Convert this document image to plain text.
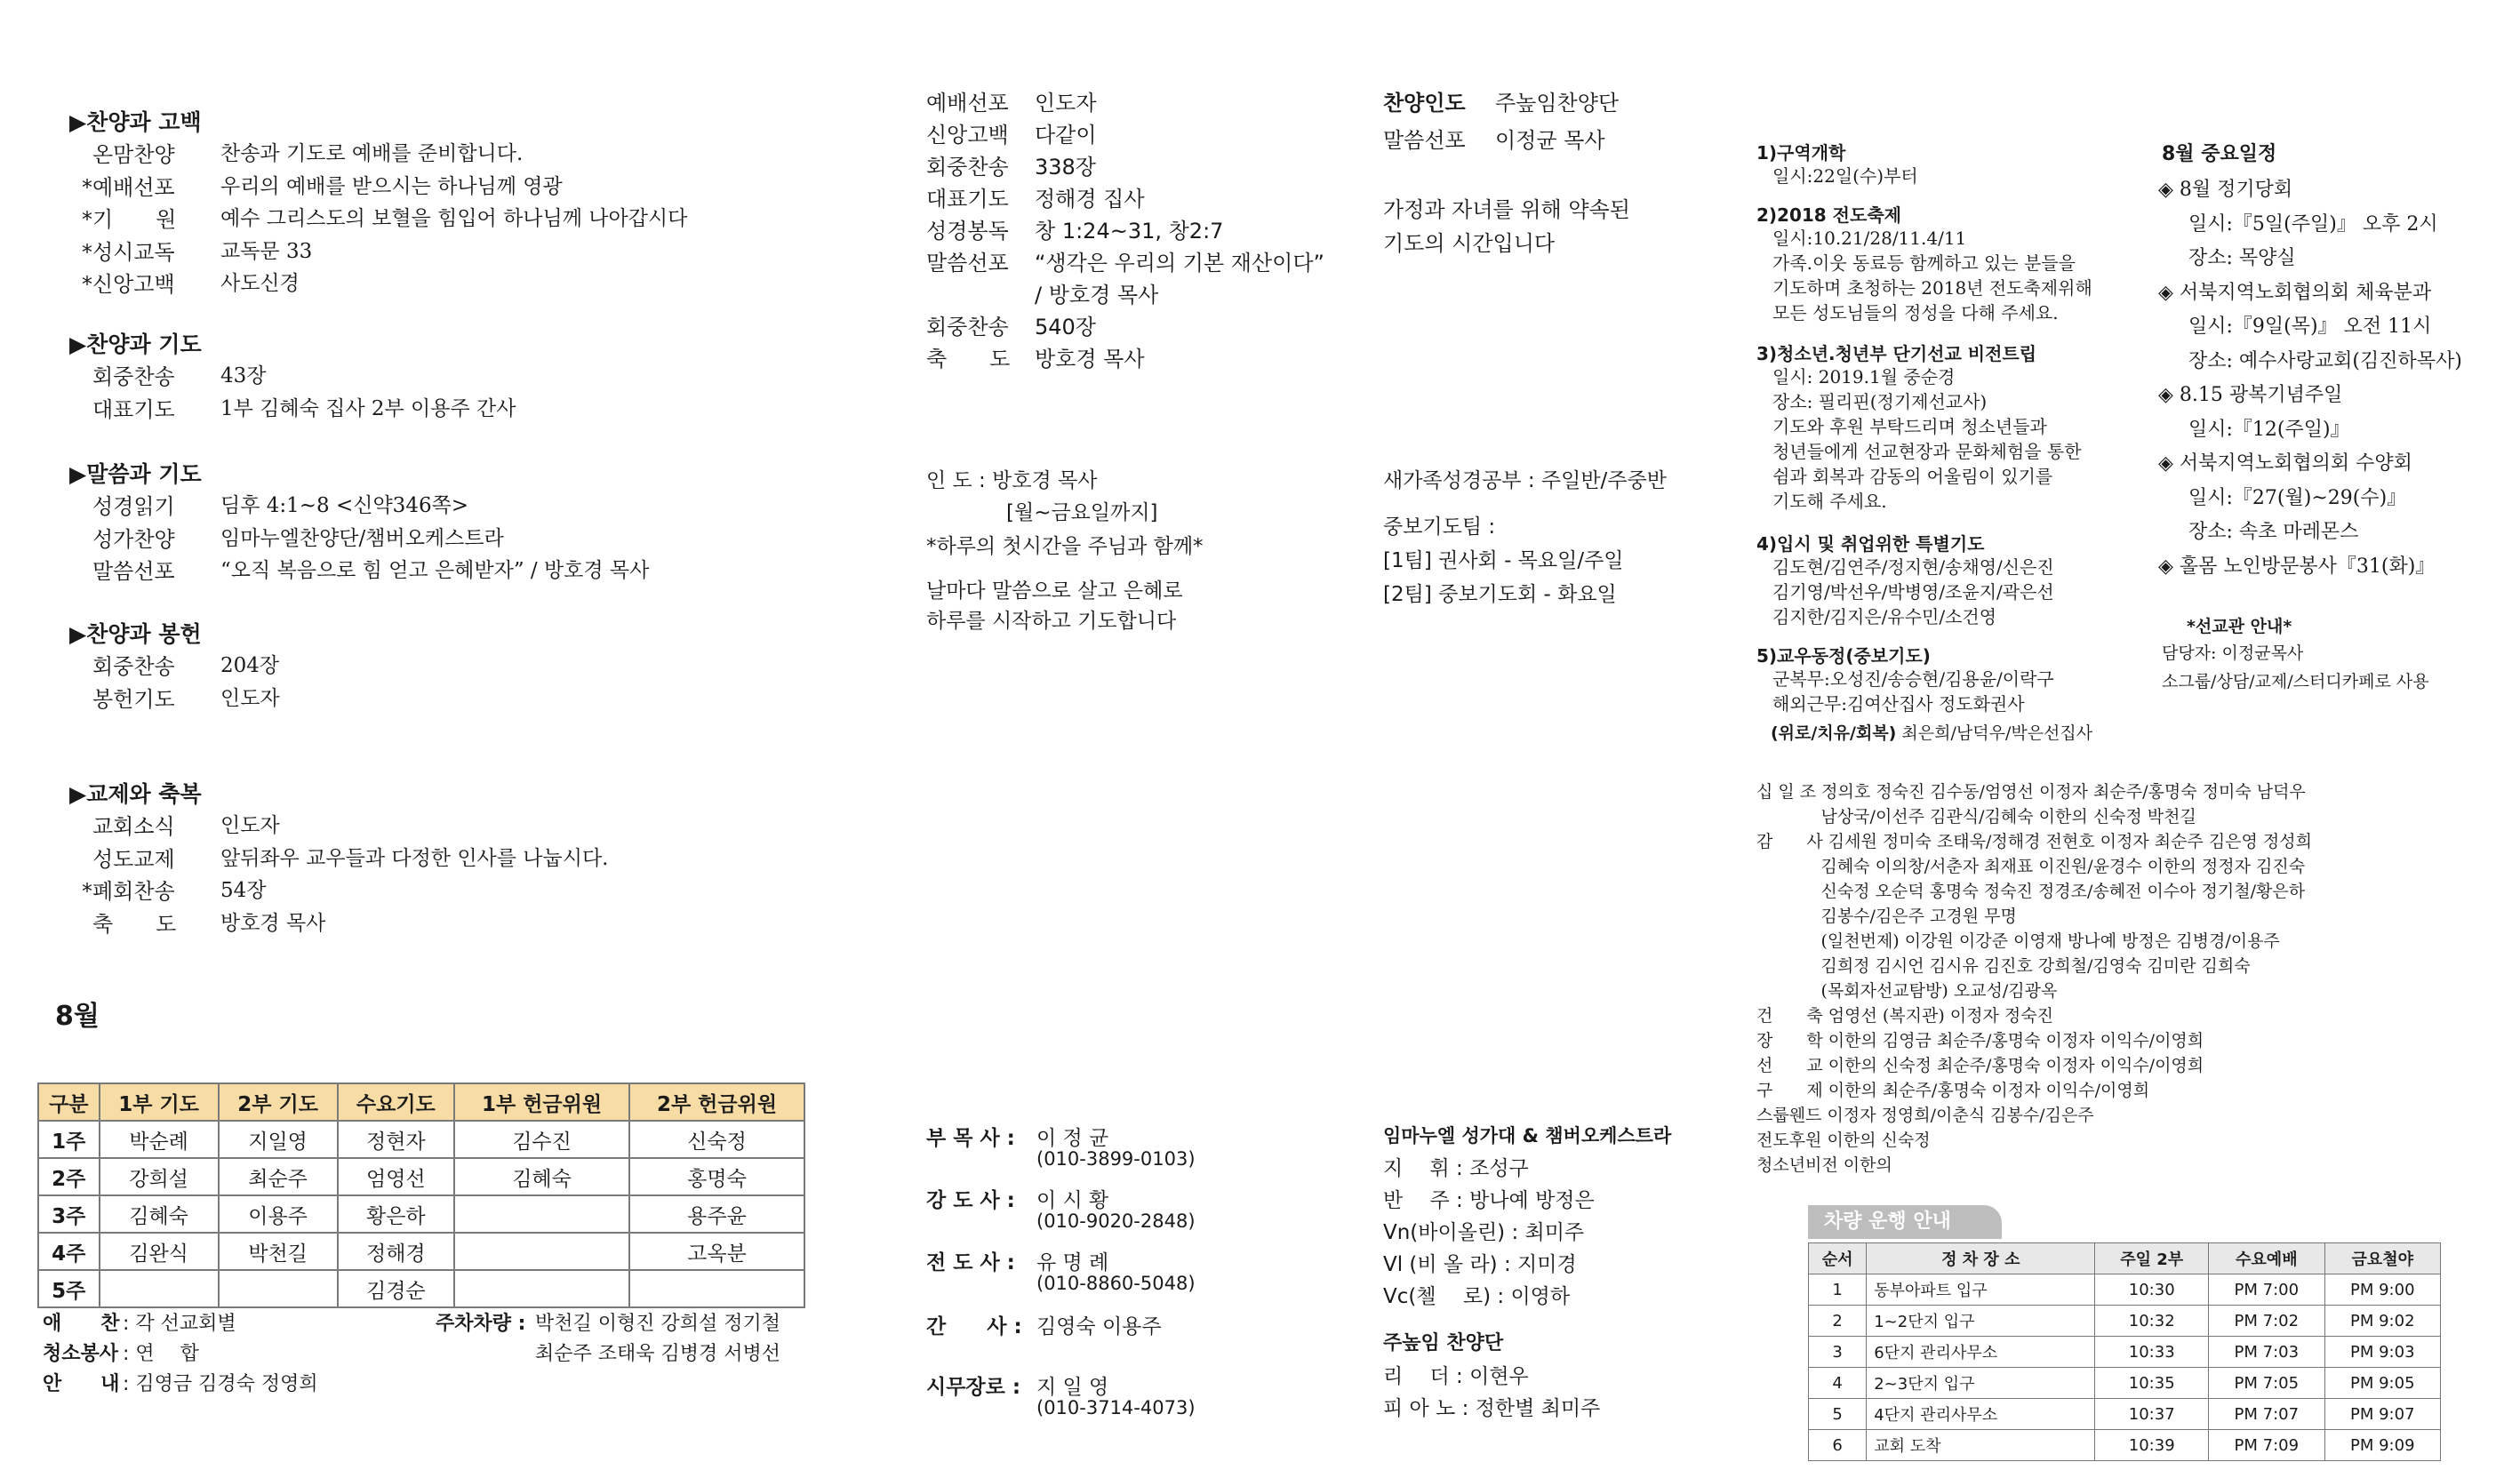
▶찬양과 고백
온맘찬양 찬송과 기도로 예배를 준비합니다.
*예배선포 우리의 예배를 받으시는 하나님께 영광
*기　　원 예수 그리스도의 보혈을 힘입어 하나님께 나아갑시다
*성시교독 교독문 33
*신앙고백 사도신경
▶찬양과 기도
회중찬송 43장
대표기도 1부 김혜숙 집사 2부 이용주 간사
▶말씀과 기도
성경읽기 딤후 4:1~8 <신약346쪽>
성가찬양 임마누엘찬양단/챔버오케스트라
말씀선포 “오직 복음으로 힘 얻고 은혜받자” / 방호경 목사
▶찬양과 봉헌
회중찬송 204장
봉헌기도 인도자
▶교제와 축복
교회소식 인도자
성도교제 앞뒤좌우 교우들과 다정한 인사를 나눕시다.
*폐회찬송 54장
축　　도 방호경 목사
8월
구분	1부 기도	2부 기도	수요기도	1부 헌금위원	2부 헌금위원
1주	박순례	지일영	정현자	김수진	신숙정
2주	강희설	최순주	엄영선	김혜숙	홍명숙
3주	김혜숙	이용주	황은하		용주윤
4주	김완식	박천길	정해경		고옥분
5주			김경순		
애　　찬 : 각 선교회별
청소봉사 : 연　 합
안　　내 : 김영금 김경숙 정영희
주차차량 : 박천길 이형진 강희설 정기철
최순주 조태욱 김병경 서병선
예배선포 인도자
신앙고백 다같이
회중찬송 338장
대표기도 정해경 집사
성경봉독 창 1:24~31, 창2:7
말씀선포 “생각은 우리의 기본 재산이다”
/ 방호경 목사
회중찬송 540장
축　　도 방호경 목사
인 도 : 방호경 목사
[월~금요일까지]
*하루의 첫시간을 주님과 함께*
날마다 말씀으로 살고 은혜로
하루를 시작하고 기도합니다
부 목 사 : 이 정 균
(010-3899-0103)
강 도 사 : 이 시 황
(010-9020-2848)
전 도 사 : 유 명 례
(010-8860-5048)
간　　사 : 김영숙 이용주
시무장로 : 지 일 영
(010-3714-4073)
찬양인도 주높임찬양단
말씀선포 이정균 목사
가정과 자녀를 위해 약속된
기도의 시간입니다
새가족성경공부 : 주일반/주중반
중보기도팀 :
[1팀] 권사회 - 목요일/주일
[2팀] 중보기도회 - 화요일
임마누엘 성가대 & 챔버오케스트라
지　 휘 : 조성구
반　 주 : 방나예 방정은
Vn(바이올린) : 최미주
Vl (비 올 라) : 지미경
Vc(첼　 로) : 이영하
주높임 찬양단
리　 더 : 이현우
피 아 노 : 정한별 최미주
1)구역개학
일시:22일(수)부터
2)2018 전도축제
일시:10.21/28/11.4/11
가족.이웃 동료등 함께하고 있는 분들을
기도하며 초청하는 2018년 전도축제위해
모든 성도님들의 정성을 다해 주세요.
3)청소년.청년부 단기선교 비전트립
일시: 2019.1월 중순경
장소: 필리핀(정기제선교사)
기도와 후원 부탁드리며 청소년들과
청년들에게 선교현장과 문화체험을 통한
쉼과 회복과 감동의 어울림이 있기를
기도해 주세요.
4)입시 및 취업위한 특별기도
김도현/김연주/정지현/송채영/신은진
김기영/박선우/박병영/조윤지/곽은선
김지한/김지은/유수민/소건영
5)교우동정(중보기도)
군복무:오성진/송승현/김용윤/이락구
해외근무:김여산집사 정도화권사
(위로/치유/회복) 최은희/남덕우/박은선집사
8월 중요일정
◈ 8월 정기당회
일시:『5일(주일)』 오후 2시
장소: 목양실
◈ 서북지역노회협의회 체육분과
일시:『9일(목)』 오전 11시
장소: 예수사랑교회(김진하목사)
◈ 8.15 광복기념주일
일시:『12(주일)』
◈ 서북지역노회협의회 수양회
일시:『27(월)~29(수)』
장소: 속초 마레몬스
◈ 홀몸 노인방문봉사『31(화)』
*선교관 안내*
담당자: 이정균목사
소그룹/상담/교제/스터디카페로 사용
십 일 조 정의호 정숙진 김수동/엄영선 이정자 최순주/홍명숙 정미숙 남덕우
남상국/이선주 김관식/김혜숙 이한의 신숙정 박천길
감　　사 김세원 정미숙 조태욱/정해경 전현호 이정자 최순주 김은영 정성희
김혜숙 이의창/서춘자 최재표 이진원/윤경수 이한의 정정자 김진숙
신숙정 오순덕 홍명숙 정숙진 정경조/송혜전 이수아 정기철/황은하
김봉수/김은주 고경원 무명
(일천번제) 이강원 이강준 이영재 방나예 방정은 김병경/이용주
김희정 김시언 김시유 김진호 강희철/김영숙 김미란 김희숙
(목회자선교탐방) 오교성/김광옥
건　　축 엄영선 (복지관) 이정자 정숙진
장　　학 이한의 김영금 최순주/홍명숙 이정자 이익수/이영희
선　　교 이한의 신숙정 최순주/홍명숙 이정자 이익수/이영희
구　　제 이한의 최순주/홍명숙 이정자 이익수/이영희
스룹웬드 이정자 정영희/이춘식 김봉수/김은주
전도후원 이한의 신숙정
청소년비전 이한의
차량 운행 안내
순서	정 차 장 소	주일 2부	수요예배	금요철야
1	동부아파트 입구	10:30	PM 7:00	PM 9:00
2	1~2단지 입구	10:32	PM 7:02	PM 9:02
3	6단지 관리사무소	10:33	PM 7:03	PM 9:03
4	2~3단지 입구	10:35	PM 7:05	PM 9:05
5	4단지 관리사무소	10:37	PM 7:07	PM 9:07
6	교회 도착	10:39	PM 7:09	PM 9:09
